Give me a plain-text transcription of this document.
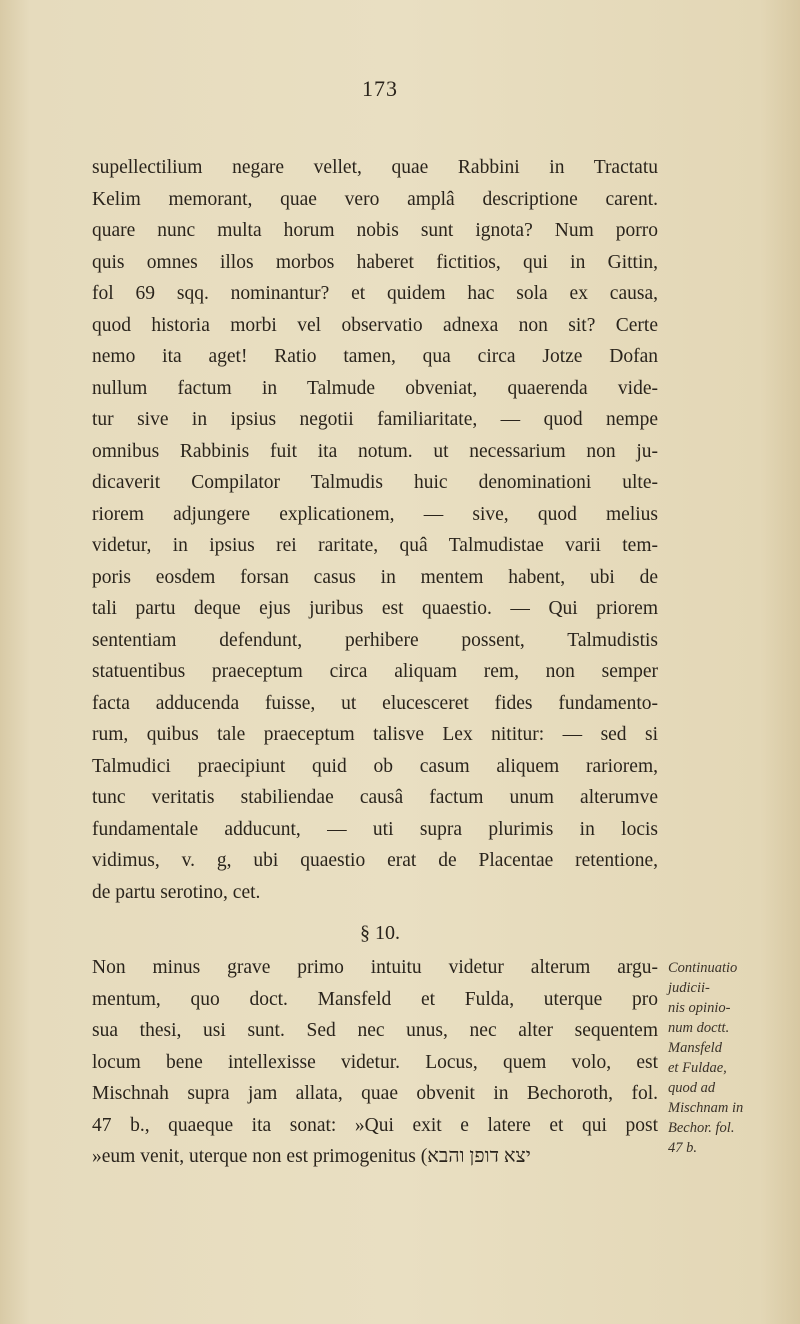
173
supellectilium negare vellet, quae Rabbini in Tractatu
Kelim memorant, quae vero amplâ descriptione carent.
quare nunc multa horum nobis sunt ignota? Num porro
quis omnes illos morbos haberet fictitios, qui in Gittin,
fol 69 sqq. nominantur? et quidem hac sola ex causa,
quod historia morbi vel observatio adnexa non sit? Certe
nemo ita aget! Ratio tamen, qua circa Jotze Dofan
nullum factum in Talmude obveniat, quaerenda vide-
tur sive in ipsius negotii familiaritate, — quod nempe
omnibus Rabbinis fuit ita notum. ut necessarium non ju-
dicaverit Compilator Talmudis huic denominationi ulte-
riorem adjungere explicationem, — sive, quod melius
videtur, in ipsius rei raritate, quâ Talmudistae varii tem-
poris eosdem forsan casus in mentem habent, ubi de
tali partu deque ejus juribus est quaestio. — Qui priorem
sententiam defendunt, perhibere possent, Talmudistis
statuentibus praeceptum circa aliquam rem, non semper
facta adducenda fuisse, ut elucesceret fides fundamento-
rum, quibus tale praeceptum talisve Lex nititur: — sed si
Talmudici praecipiunt quid ob casum aliquem rariorem,
tunc veritatis stabiliendae causâ factum unum alterumve
fundamentale adducunt, — uti supra plurimis in locis
vidimus, v. g, ubi quaestio erat de Placentae retentione,
de partu serotino, cet.
§ 10.
Non minus grave primo intuitu videtur alterum argu-
mentum, quo doct. Mansfeld et Fulda, uterque pro
sua thesi, usi sunt. Sed nec unus, nec alter sequentem
locum bene intellexisse videtur. Locus, quem volo, est
Mischnah supra jam allata, quae obvenit in Bechoroth, fol.
47 b., quaeque ita sonat: »Qui exit e latere et qui post
»eum venit, uterque non est primogenitus (יצא דופן והבא
Continuatio
judicii-
nis opinio-
num doctt.
Mansfeld
et Fuldae,
quod ad
Mischnam in
Bechor. fol.
47 b.
